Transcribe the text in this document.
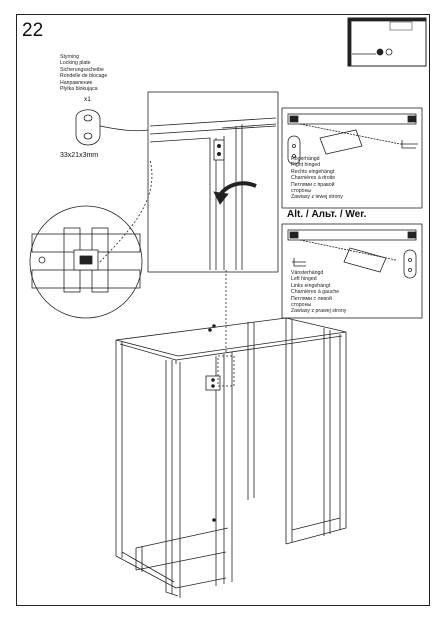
22
Styrning
Locking plate
Sicherungsscheibe
Rondelle de blocage
Направление
Płytka blokująca
x1
33x21x3mm	Högerhängd
Right hinged
Rechts eingehängt
Charnières à droite
Петлями с правой
стороны
Zawiasy z lewej strony
Alt. / Альт. / Wer.
Vänsterhängd
Left hinged
Links eingehängt
Charnières à gauche
Петлями с левой
стороны
Zawiasy z prawej strony
